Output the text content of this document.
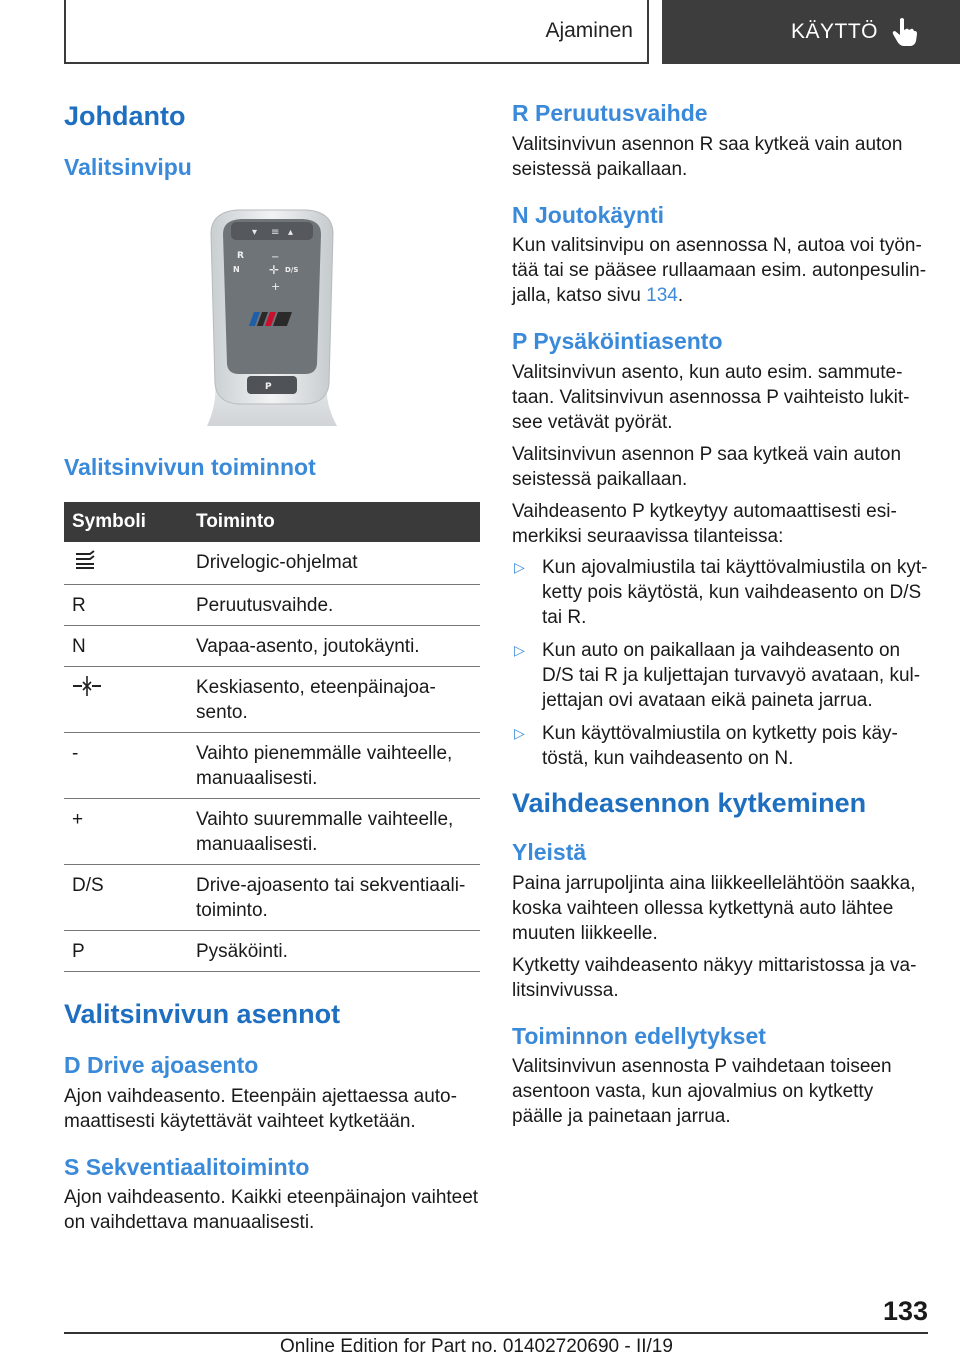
Ajaminen	KÄYTTÖ
Johdanto
Valitsinvipu
▾ ≡ ▴
R
N
−
✛ D/S
+
P
Valitsinvivun toiminnot
Symboli	Toiminto
	Drivelogic-ohjelmat
R	Peruutusvaihde.
N	Vapaa-asento, joutokäynti.
	Keskiasento, eteenpäinajoasento.
-	Vaihto pienemmälle vaihteelle, manuaalisesti.
+	Vaihto suuremmalle vaihteelle, manuaalisesti.
D/S	Drive-ajoasento tai sekventiaalitoiminto.
P	Pysäköinti.
Valitsinvivun asennot
D Drive ajoasento
Ajon vaihdeasento. Eteenpäin ajettaessa automaattisesti käytettävät vaihteet kytketään.
S Sekventiaalitoiminto
Ajon vaihdeasento. Kaikki eteenpäinajon vaihteet on vaihdettava manuaalisesti.
R Peruutusvaihde
Valitsinvivun asennon R saa kytkeä vain auton seistessä paikallaan.
N Joutokäynti
Kun valitsinvipu on asennossa N, autoa voi työntää tai se pääsee rullaamaan esim. autonpesulinjalla, katso sivu 134.
P Pysäköintiasento
Valitsinvivun asento, kun auto esim. sammutetaan. Valitsinvivun asennossa P vaihteisto lukitsee vetävät pyörät.
Valitsinvivun asennon P saa kytkeä vain auton seistessä paikallaan.
Vaihdeasento P kytkeytyy automaattisesti esimerkiksi seuraavissa tilanteissa:
▷ Kun ajovalmiustila tai käyttövalmiustila on kytketty pois käytöstä, kun vaihdeasento on D/S tai R.
▷ Kun auto on paikallaan ja vaihdeasento on D/S tai R ja kuljettajan turvavyö avataan, kuljettajan ovi avataan eikä paineta jarrua.
▷ Kun käyttövalmiustila on kytketty pois käytöstä, kun vaihdeasento on N.
Vaihdeasennon kytkeminen
Yleistä
Paina jarrupoljinta aina liikkeellelähtöön saakka, koska vaihteen ollessa kytkettynä auto lähtee muuten liikkeelle.
Kytketty vaihdeasento näkyy mittaristossa ja valitsinvivussa.
Toiminnon edellytykset
Valitsinvivun asennosta P vaihdetaan toiseen asentoon vasta, kun ajovalmius on kytketty päälle ja painetaan jarrua.
133
Online Edition for Part no. 01402720690 - II/19
